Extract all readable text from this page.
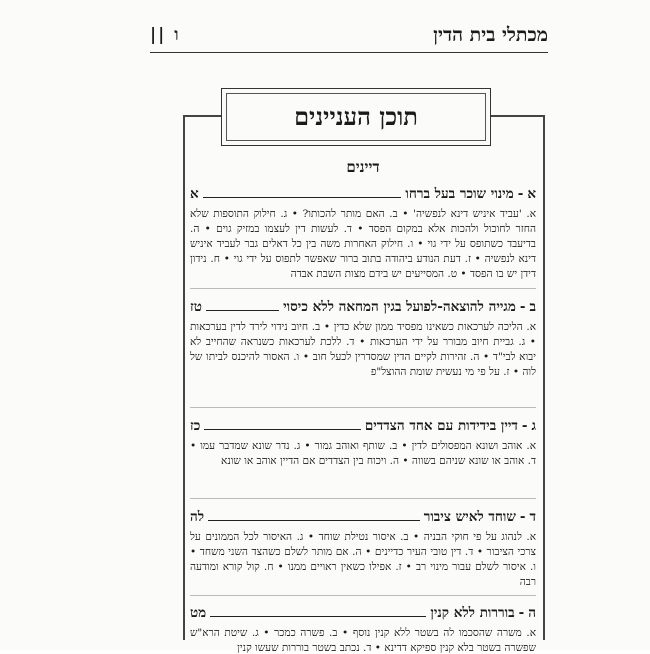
מכתלי בית הדין
ו ||
תוכן העניינים
דיינים
א
-
מינוי שוכר בעל ברחו
א
א. 'עביד איניש דינא לנפשיה' • ב. האם מותר להכותו? • ג. חילוק התוספות שלא החזר לחוכול ולהכות אלא במקום הפסד • ד. לעשות דין לעצמו במזיק גוים • ה. בדיעבד כשתופס על ידי גוי • ו. חילוק האחרות משה בין כל דאלים גבר לעביד איניש דינא לנפשיה • ז. דעת הנודע ביהודה בתוב ברור שאפשר לתפוס על ידי גוי • ח. נידון דידן יש בו הפסד • ט. המסייעים יש בידם מצות השבת אבדה
ב
-
מגייה להוצאה-לפועל בגין המחאה ללא כיסוי
טז
א. הליכה לערכאות כשאינו מפסיד ממון שלא כדין • ב. חיוב נידוי לירד לדין בערכאות • ג. גביית חיוב מבורר על ידי הערכאות • ד. ללכת לערכאות כשנראה שהחייב לא יבוא לבי"ד • ה. זהירות לקיים הדין שמסדרין לכעל חוב • ו. האסור להיכנס לביתו של לוה • ז. על פי מי נעשית שומת ההוצל"פ
ג
-
דיין בידידות עם אחד הצדדים
כז
א. אוהב ושונא המפסולים לדין • ב. שותף ואוהב גמור • ג. נדר שונא שמדבר עמו • ד. אוהב או שונא שניהם בשווה • ה. ויכוח בין הצדדים אם הדיין אוהב או שונא
ד
-
שוחד לאיש ציבור
לה
א. לנהוג על פי חוקי הבניה • ב. איסור נטילת שוחד • ג. האיסור לכל הממונים על צרכי הציבור • ד. דין טובי העיר כדיינים • ה. אם מותר לשלם כשהצד השני משחד • ו. איסור לשלם עבור מינוי רב • ז. אפילו כשאין ראויים ממנו • ח. קול קורא ומודעה רבה
ה
-
בוררות ללא קנין
מט
א. משרה שהסכמו לה בשטר ללא קנין נוסף • ב. פשרה כמכר • ג. שיטת הרא"ש שפשרה בשטר בלא קנין ספיקא דדינא • ד. נכתב בשטר בוררות שעשו קנין
